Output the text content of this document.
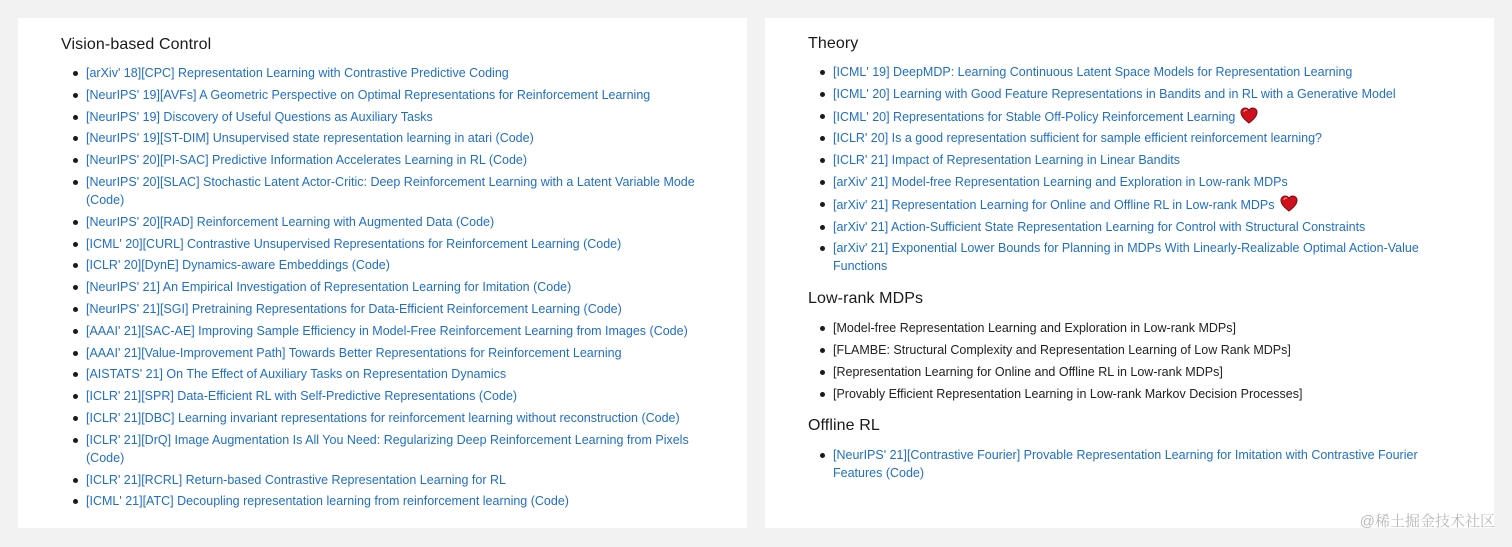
Vision-based Control
[arXiv' 18][CPC] Representation Learning with Contrastive Predictive Coding
[NeurIPS' 19][AVFs] A Geometric Perspective on Optimal Representations for Reinforcement Learning
[NeurIPS' 19] Discovery of Useful Questions as Auxiliary Tasks
[NeurIPS' 19][ST-DIM] Unsupervised state representation learning in atari (Code)
[NeurIPS' 20][PI-SAC] Predictive Information Accelerates Learning in RL (Code)
[NeurIPS' 20][SLAC] Stochastic Latent Actor-Critic: Deep Reinforcement Learning with a Latent Variable Mode (Code)
[NeurIPS' 20][RAD] Reinforcement Learning with Augmented Data (Code)
[ICML' 20][CURL] Contrastive Unsupervised Representations for Reinforcement Learning (Code)
[ICLR' 20][DynE] Dynamics-aware Embeddings (Code)
[NeurIPS' 21] An Empirical Investigation of Representation Learning for Imitation (Code)
[NeurIPS' 21][SGI] Pretraining Representations for Data-Efficient Reinforcement Learning (Code)
[AAAI' 21][SAC-AE] Improving Sample Efficiency in Model-Free Reinforcement Learning from Images (Code)
[AAAI' 21][Value-Improvement Path] Towards Better Representations for Reinforcement Learning
[AISTATS' 21] On The Effect of Auxiliary Tasks on Representation Dynamics
[ICLR' 21][SPR] Data-Efficient RL with Self-Predictive Representations (Code)
[ICLR' 21][DBC] Learning invariant representations for reinforcement learning without reconstruction (Code)
[ICLR' 21][DrQ] Image Augmentation Is All You Need: Regularizing Deep Reinforcement Learning from Pixels (Code)
[ICLR' 21][RCRL] Return-based Contrastive Representation Learning for RL
[ICML' 21][ATC] Decoupling representation learning from reinforcement learning (Code)
Theory
[ICML' 19] DeepMDP: Learning Continuous Latent Space Models for Representation Learning
[ICML' 20] Learning with Good Feature Representations in Bandits and in RL with a Generative Model
[ICML' 20] Representations for Stable Off-Policy Reinforcement Learning
[ICLR' 20] Is a good representation sufficient for sample efficient reinforcement learning?
[ICLR' 21] Impact of Representation Learning in Linear Bandits
[arXiv' 21] Model-free Representation Learning and Exploration in Low-rank MDPs
[arXiv' 21] Representation Learning for Online and Offline RL in Low-rank MDPs
[arXiv' 21] Action-Sufficient State Representation Learning for Control with Structural Constraints
[arXiv' 21] Exponential Lower Bounds for Planning in MDPs With Linearly-Realizable Optimal Action-Value Functions
Low-rank MDPs
[Model-free Representation Learning and Exploration in Low-rank MDPs]
[FLAMBE: Structural Complexity and Representation Learning of Low Rank MDPs]
[Representation Learning for Online and Offline RL in Low-rank MDPs]
[Provably Efficient Representation Learning in Low-rank Markov Decision Processes]
Offline RL
[NeurIPS' 21][Contrastive Fourier] Provable Representation Learning for Imitation with Contrastive Fourier Features (Code)
@稀土掘金技术社区
